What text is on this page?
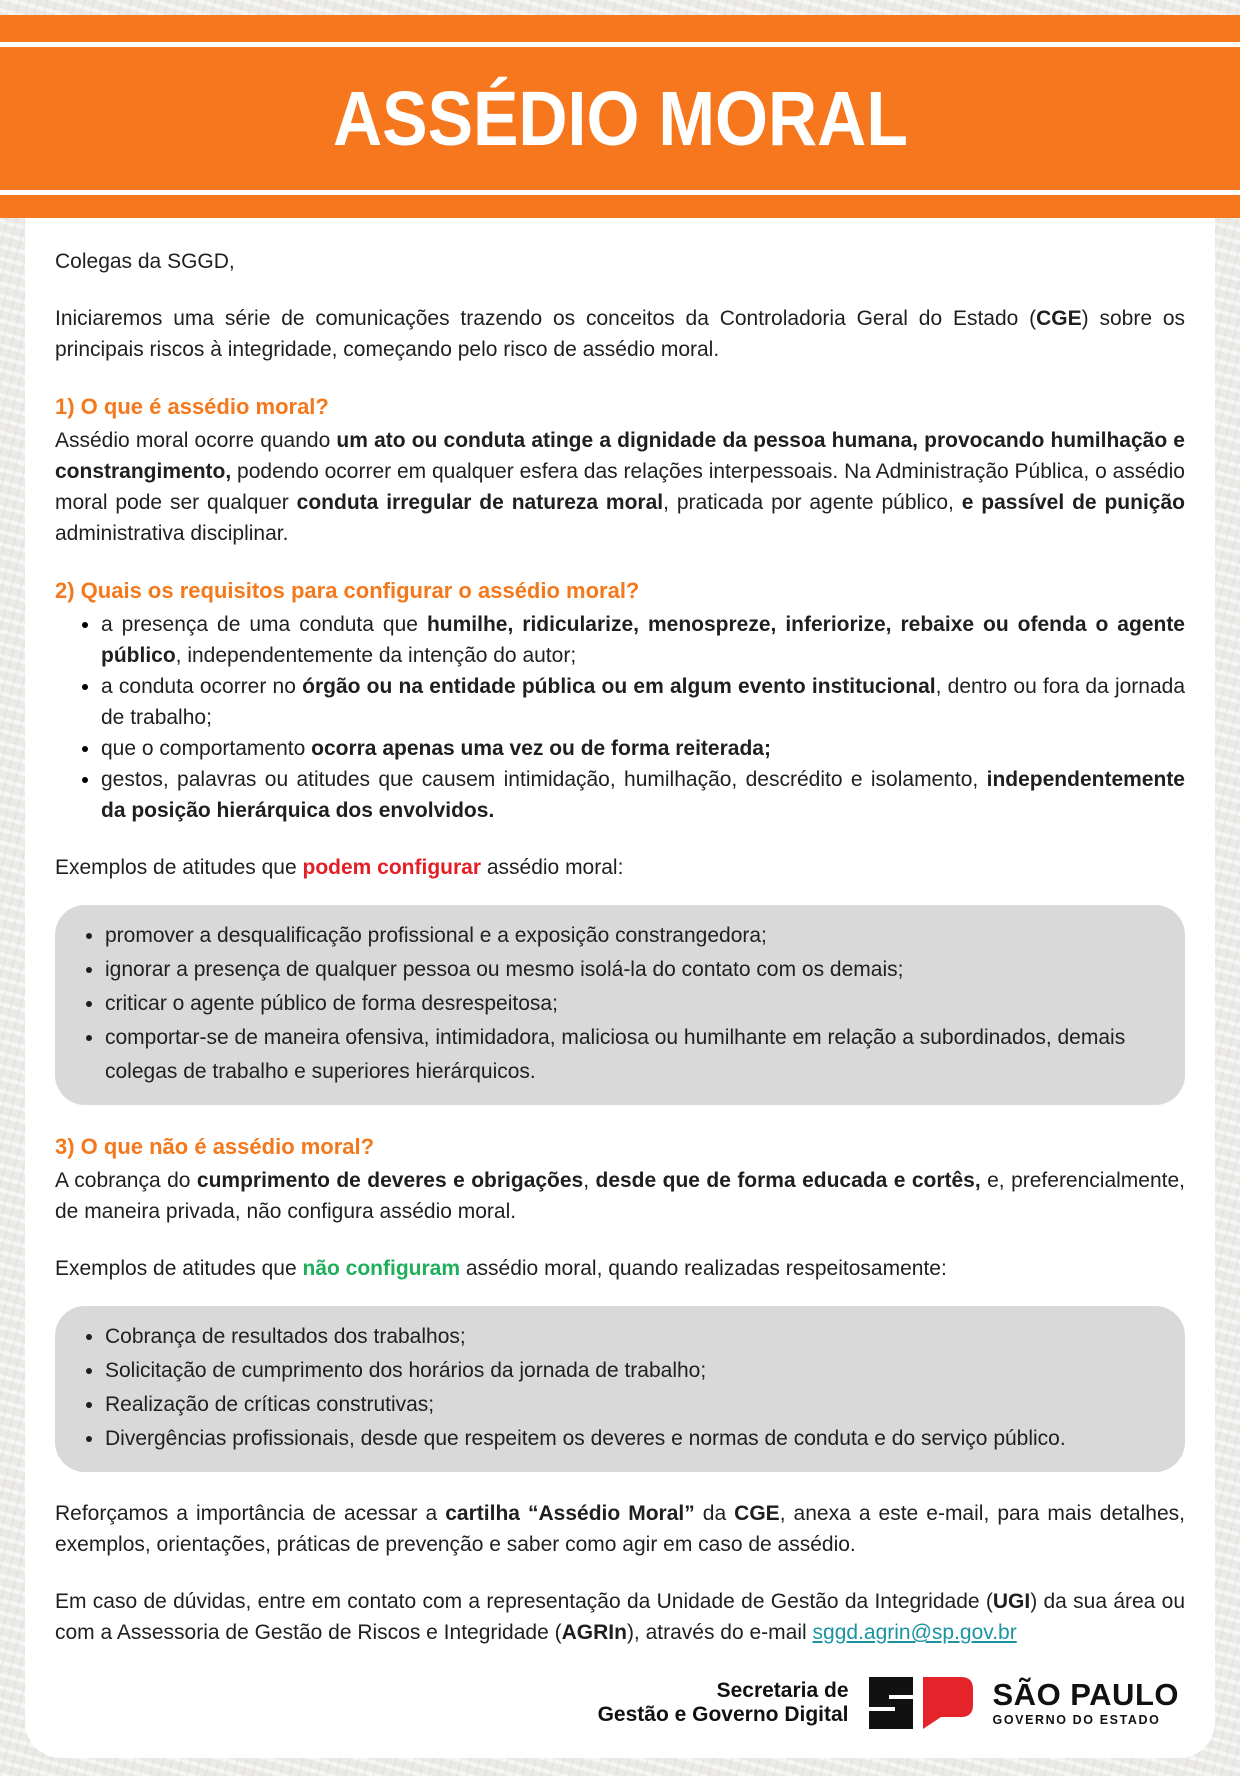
ASSÉDIO MORAL

Colegas da SGGD,

Iniciaremos uma série de comunicações trazendo os conceitos da Controladoria Geral do Estado (CGE) sobre os principais riscos à integridade, começando pelo risco de assédio moral.

1) O que é assédio moral?

Assédio moral ocorre quando um ato ou conduta atinge a dignidade da pessoa humana, provocando humilhação e constrangimento, podendo ocorrer em qualquer esfera das relações interpessoais. Na Administração Pública, o assédio moral pode ser qualquer conduta irregular de natureza moral, praticada por agente público, e passível de punição administrativa disciplinar.

2) Quais os requisitos para configurar o assédio moral?
• a presença de uma conduta que humilhe, ridicularize, menospreze, inferiorize, rebaixe ou ofenda o agente público, independentemente da intenção do autor;
• a conduta ocorrer no órgão ou na entidade pública ou em algum evento institucional, dentro ou fora da jornada de trabalho;
• que o comportamento ocorra apenas uma vez ou de forma reiterada;
• gestos, palavras ou atitudes que causem intimidação, humilhação, descrédito e isolamento, independentemente da posição hierárquica dos envolvidos.

Exemplos de atitudes que podem configurar assédio moral:

• promover a desqualificação profissional e a exposição constrangedora;
• ignorar a presença de qualquer pessoa ou mesmo isolá-la do contato com os demais;
• criticar o agente público de forma desrespeitosa;
• comportar-se de maneira ofensiva, intimidadora, maliciosa ou humilhante em relação a subordinados, demais colegas de trabalho e superiores hierárquicos.
3) O que não é assédio moral?

A cobrança do cumprimento de deveres e obrigações, desde que de forma educada e cortês, e, preferencialmente, de maneira privada, não configura assédio moral.

Exemplos de atitudes que não configuram assédio moral, quando realizadas respeitosamente:

• Cobrança de resultados dos trabalhos;
• Solicitação de cumprimento dos horários da jornada de trabalho;
• Realização de críticas construtivas;
• Divergências profissionais, desde que respeitem os deveres e normas de conduta e do serviço público.

Reforçamos a importância de acessar a cartilha “Assédio Moral” da CGE, anexa a este e-mail, para mais detalhes, exemplos, orientações, práticas de prevenção e saber como agir em caso de assédio.

Em caso de dúvidas, entre em contato com a representação da Unidade de Gestão da Integridade (UGI) da sua área ou com a Assessoria de Gestão de Riscos e Integridade (AGRIn), através do e-mail sggd.agrin@sp.gov.br

Secretaria de
Gestão e Governo Digital
SÃO PAULO
GOVERNO DO ESTADO
